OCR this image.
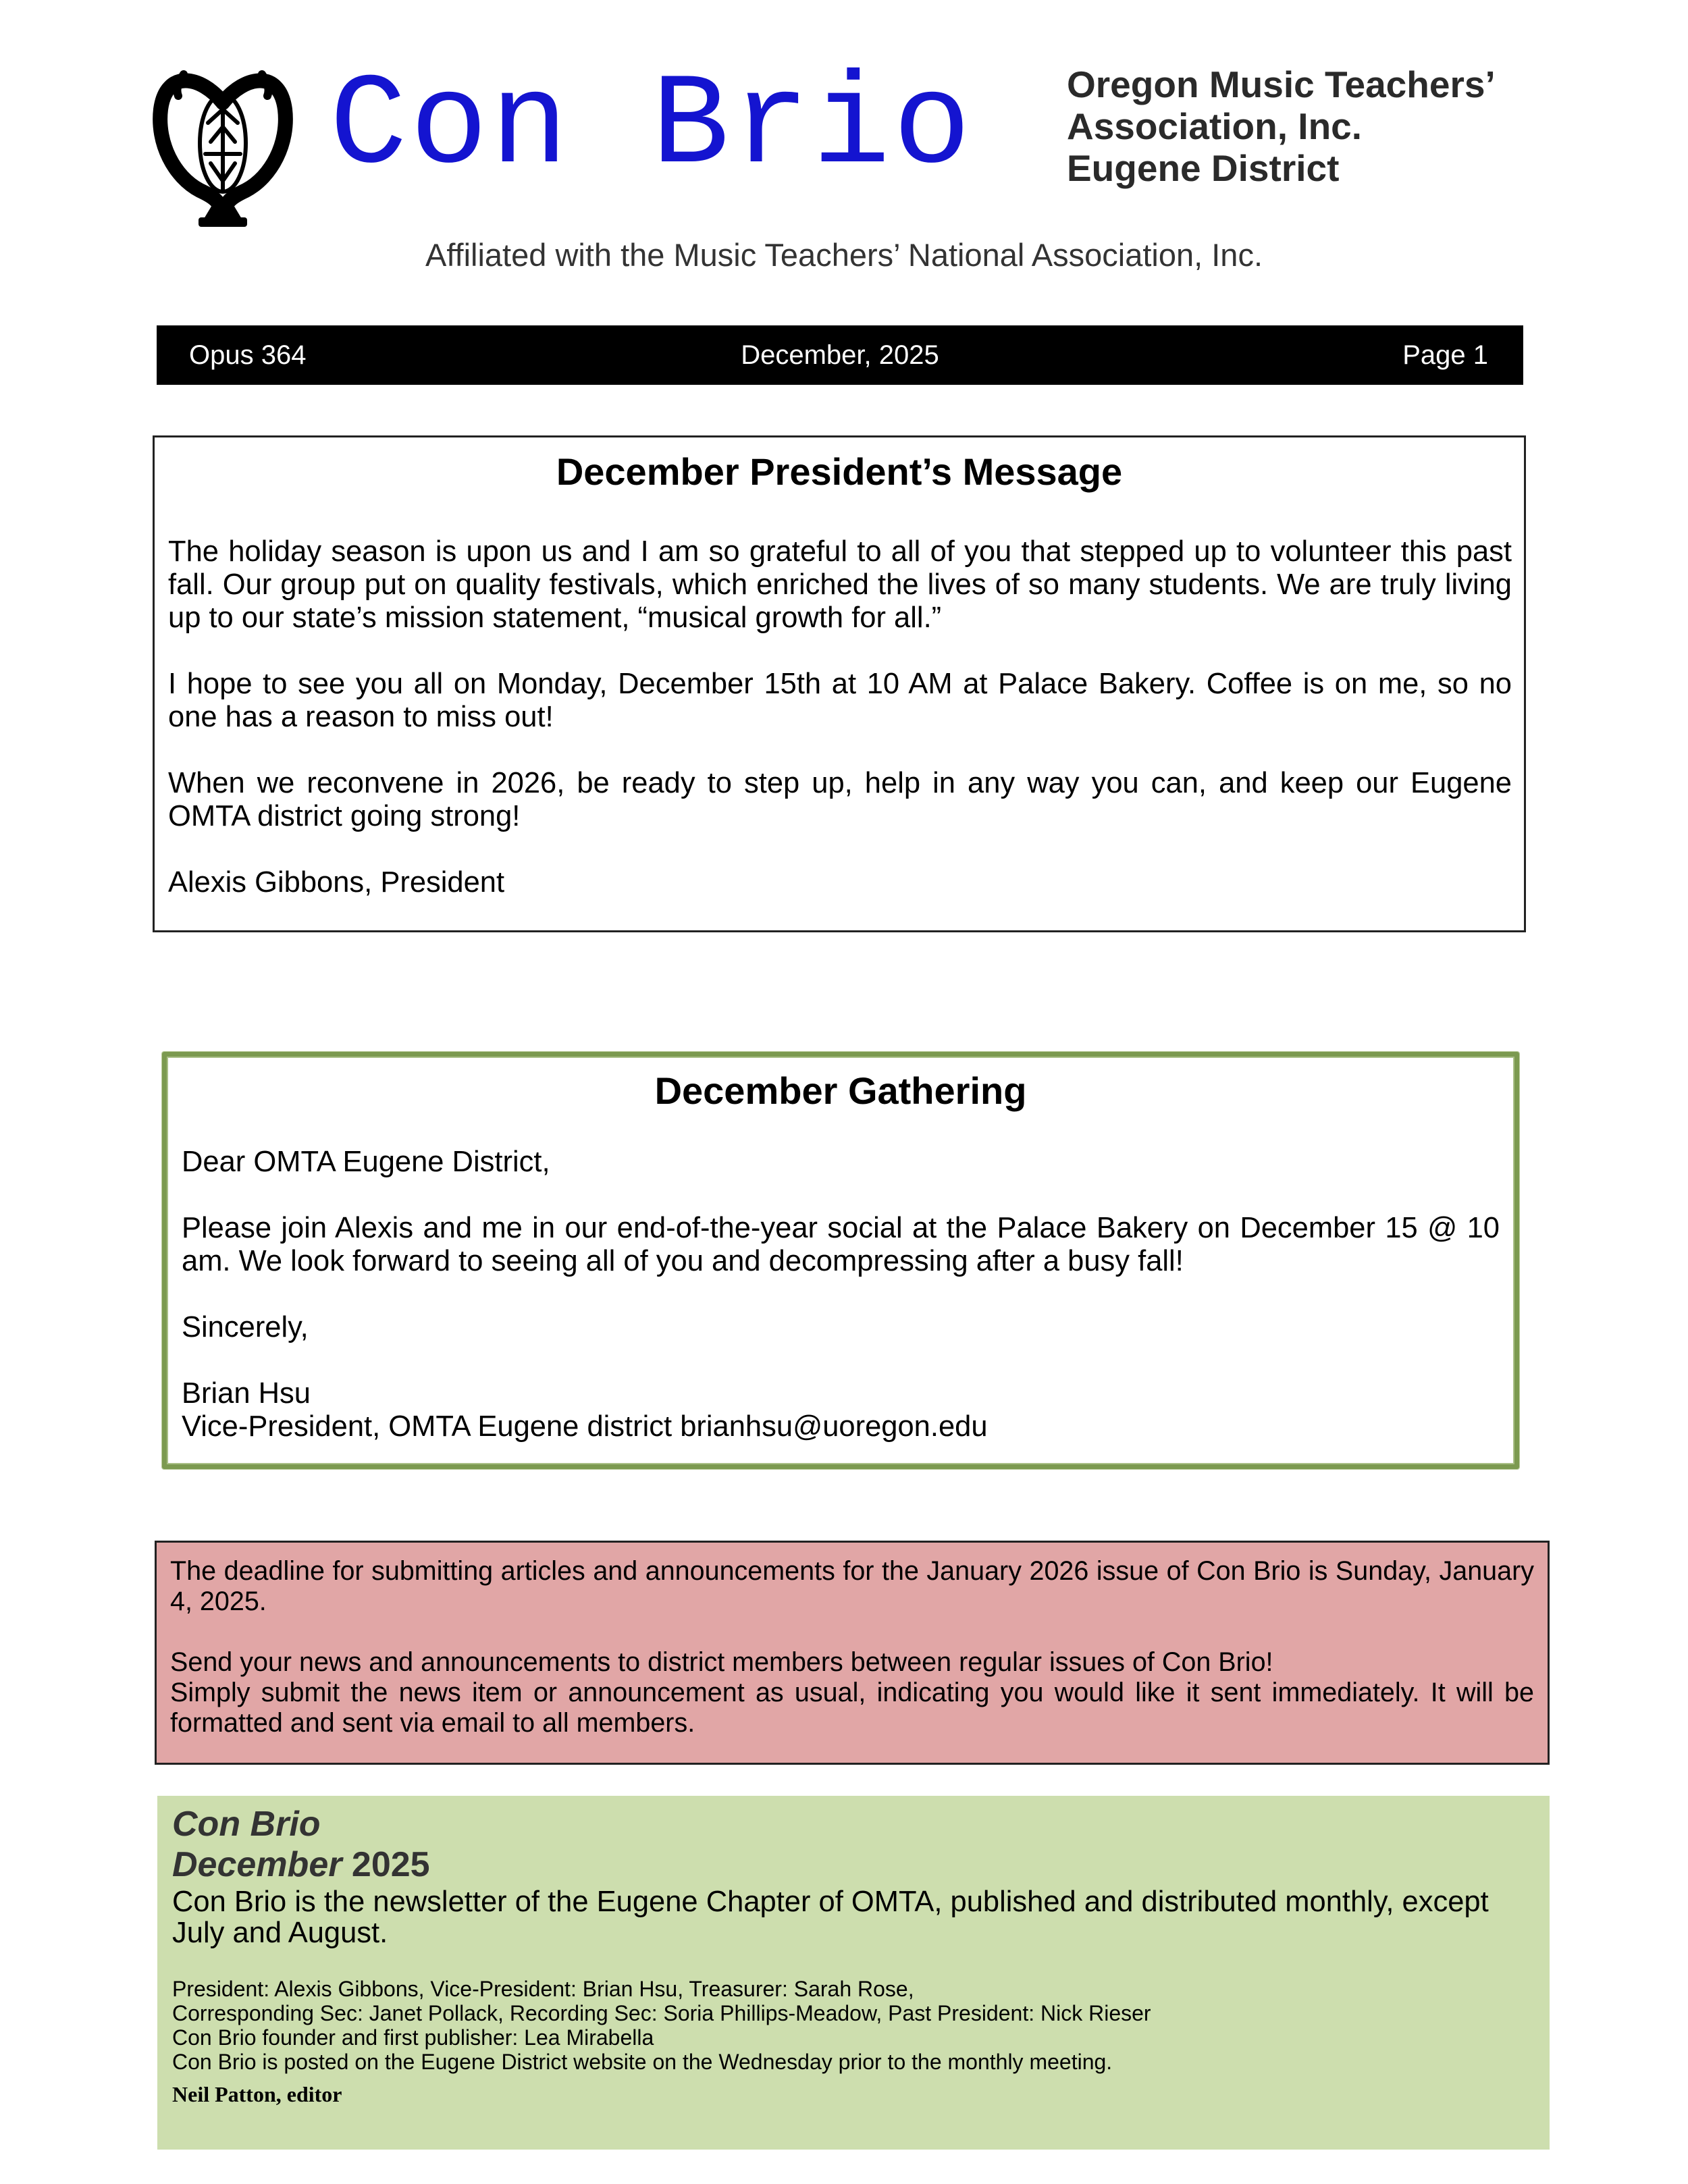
Con Brio	Oregon Music Teachers’
Association, Inc.
Eugene District
Affiliated with the Music Teachers’ National Association, Inc.
Opus 364	December, 2025	Page 1
December President’s Message

The holiday season is upon us and I am so grateful to all of you that stepped up to volunteer this past fall. Our group put on quality festivals, which enriched the lives of so many students. We are truly living up to our state’s mission statement, “musical growth for all.”

I hope to see you all on Monday, December 15th at 10 AM at Palace Bakery. Coffee is on me, so no one has a reason to miss out!

When we reconvene in 2026, be ready to step up, help in any way you can, and keep our Eugene OMTA district going strong!

Alexis Gibbons, President

December Gathering

Dear OMTA Eugene District,

Please join Alexis and me in our end-of-the-year social at the Palace Bakery on December 15 @ 10 am. We look forward to seeing all of you and decompressing after a busy fall!

Sincerely,

Brian Hsu
Vice-President, OMTA Eugene district brianhsu@uoregon.edu

The deadline for submitting articles and announcements for the January 2026 issue of Con Brio is Sunday, January 4, 2025.

Send your news and announcements to district members between regular issues of Con Brio!
Simply submit the news item or announcement as usual, indicating you would like it sent immediately. It will be formatted and sent via email to all members.
Con Brio
December 2025
Con Brio is the newsletter of the Eugene Chapter of OMTA, published and distributed monthly, except July and August.
President: Alexis Gibbons, Vice-President: Brian Hsu, Treasurer: Sarah Rose,
Corresponding Sec: Janet Pollack, Recording Sec: Soria Phillips-Meadow, Past President: Nick Rieser
Con Brio founder and first publisher: Lea Mirabella
Con Brio is posted on the Eugene District website on the Wednesday prior to the monthly meeting.
Neil Patton, editor
